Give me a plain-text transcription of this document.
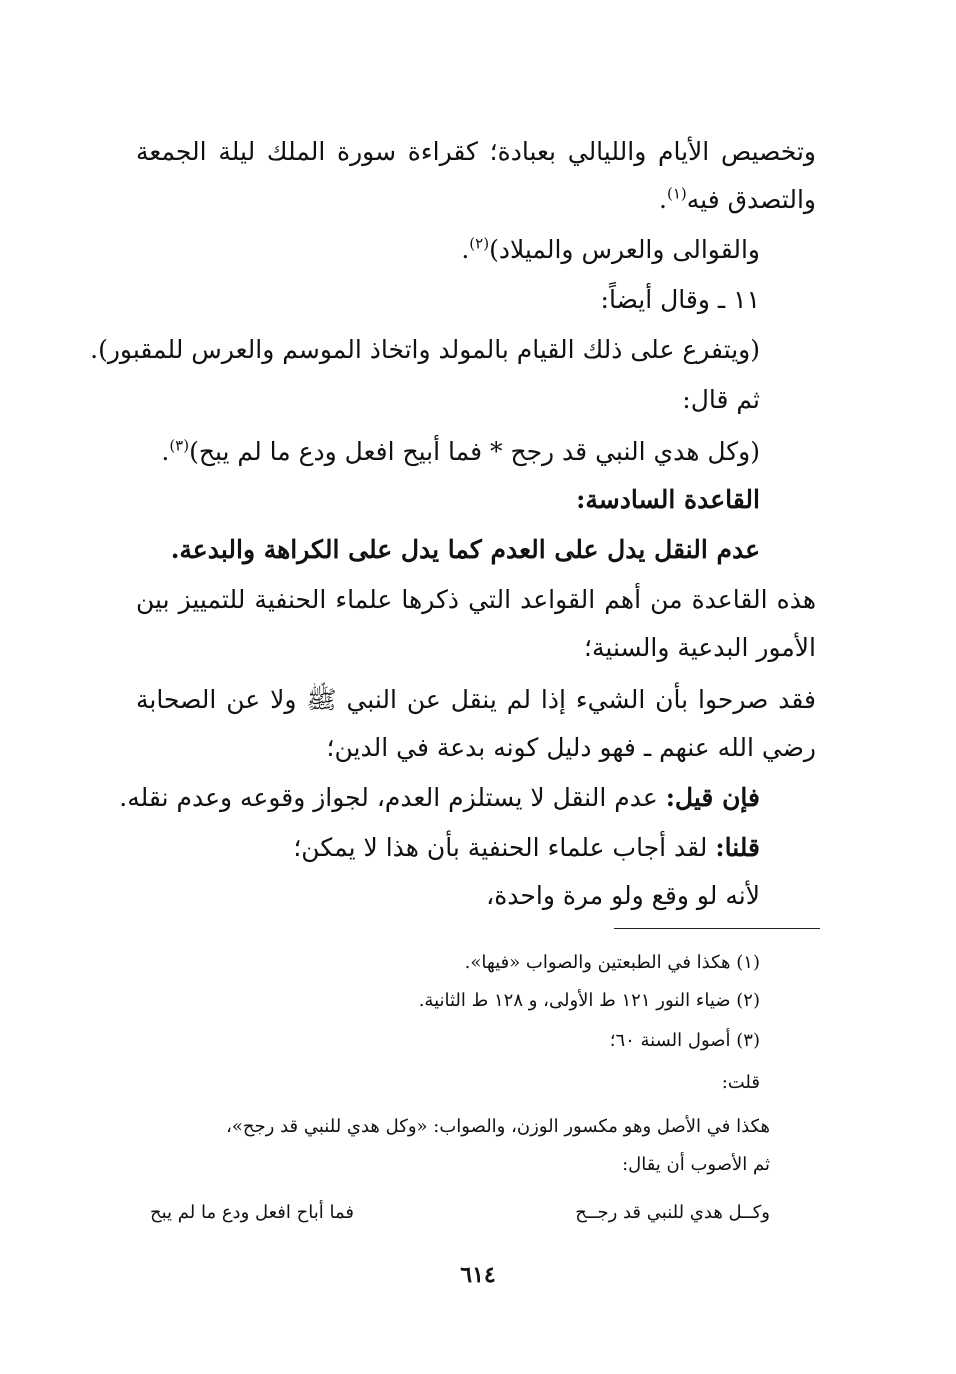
وتخصيص الأيام والليالي بعبادة؛ كقراءة سورة الملك ليلة الجمعة
والتصدق فيه$^{(١)}$.
والقوالى والعرس والميلاد)$^{(٢)}$.
١١ ـ وقال أيضاً:
(ويتفرع على ذلك القيام بالمولد واتخاذ الموسم والعرس للمقبور).
ثم قال:
(وكل هدي النبي قد رجح * فما أبيح افعل ودع ما لم يبح)$^{(٣)}$.
القاعدة السادسة:
عدم النقل يدل على العدم كما يدل على الكراهة والبدعة.
هذه القاعدة من أهم القواعد التي ذكرها علماء الحنفية للتمييز بين
الأمور البدعية والسنية؛
فقد صرحوا بأن الشيء إذا لم ينقل عن النبي ﷺ ولا عن الصحابة
رضي الله عنهم ـ فهو دليل كونه بدعة في الدين؛
فإن قيل: عدم النقل لا يستلزم العدم، لجواز وقوعه وعدم نقله.
قلنا: لقد أجاب علماء الحنفية بأن هذا لا يمكن؛
لأنه لو وقع ولو مرة واحدة،
(١) هكذا في الطبعتين والصواب «فيها».
(٢) ضياء النور ١٢١ ط الأولى، و ١٢٨ ط الثانية.
(٣) أصول السنة ٦٠؛
قلت:
هكذا في الأصل وهو مكسور الوزن، والصواب: «وكل هدي للنبي قد رجح»،
ثم الأصوب أن يقال:
وكــل هدي للنبي قد رجــح
فما أباح افعل ودع ما لم يبح
٦١٤
